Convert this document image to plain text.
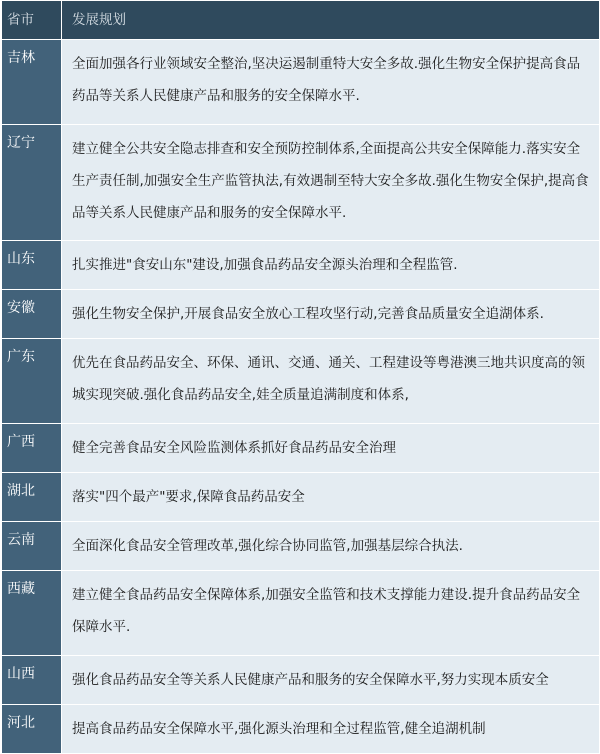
省市	发展规划
吉林	全面加强各行业领域安全整治,坚决运遏制重特大安全多故.强化生物安全保护提高食品药品等关系人民健康产品和服务的安全保障水平.
辽宁	建立健全公共安全隐志排查和安全预防控制体系,全面提高公共安全保障能力.落实安全生产责任制,加强安全生产监管执法,有效遇制至特大安全多故.强化生物安全保护,提高食品等关系人民健康产品和服务的安全保障水平.
山东	扎实推进"食安山东"建设,加强食品药品安全源头治理和全程监管.
安徽	强化生物安全保护,开展食品安全放心工程攻坚行动,完善食品质量安全追湖体系.
广东	优先在食品药品安全、环保、通讯、交通、通关、工程建设等粤港澳三地共识度高的领城实现突破.强化食品药品安全,娃全质量追满制度和体系,
广西	健全完善食品安全风险监测体系抓好食品药品安全治理
湖北	落实"四个最产"要求,保障食品药品安全
云南	全面深化食品安全管理改革,强化综合协同监管,加强基层综合执法.
西藏	建立健全食品药品安全保障体系,加强安全监管和技术支撑能力建设.提升食品药品安全保障水平.
山西	强化食品药品安全等关系人民健康产品和服务的安全保障水平,努力实现本质安全
河北	提高食品药品安全保障水平,强化源头治理和全过程监管,健全追湖机制
